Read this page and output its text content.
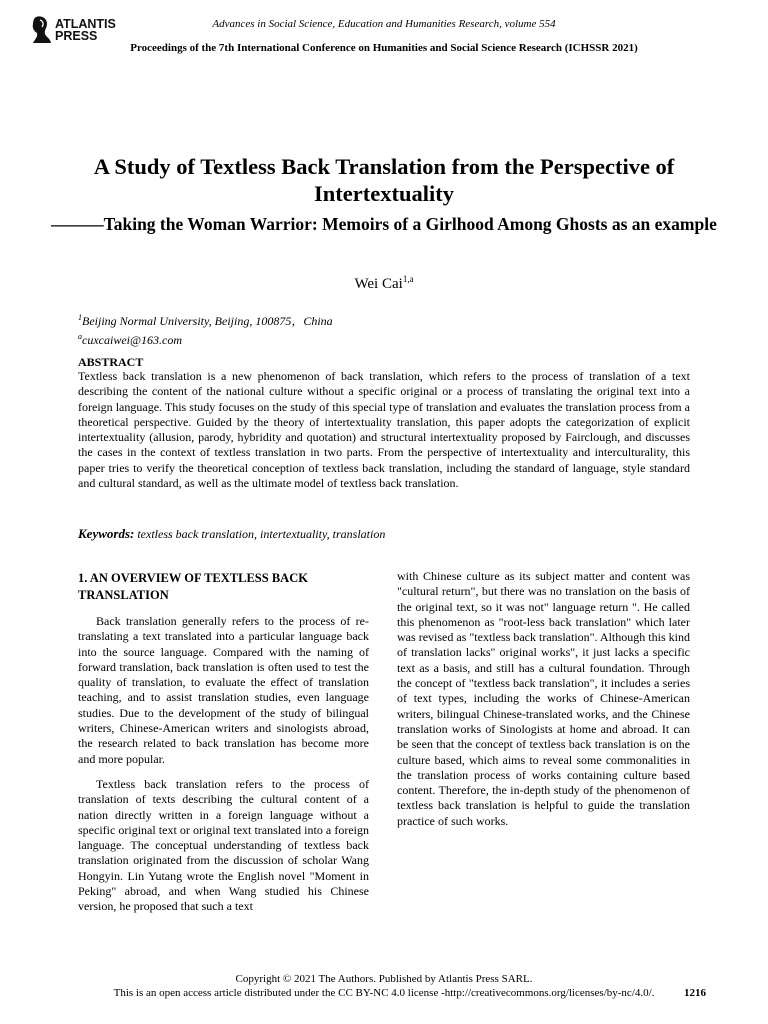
ATLANTIS
PRESS
Advances in Social Science, Education and Humanities Research, volume 554
Proceedings of the 7th International Conference on Humanities and Social Science Research (ICHSSR 2021)
A Study of Textless Back Translation from the Perspective of Intertextuality
———Taking the Woman Warrior: Memoirs of a Girlhood Among Ghosts as an example
Wei Cai$^{1,a}$
$^1$Beijing Normal University, Beijing, 100875，China
$^a$cuxcaiwei@163.com
ABSTRACT
Textless back translation is a new phenomenon of back translation, which refers to the process of translation of a text describing the content of the national culture without a specific original or a process of translating the original text into a foreign language. This study focuses on the study of this special type of translation and evaluates the translation process from a theoretical perspective. Guided by the theory of intertextuality translation, this paper adopts the categorization of explicit intertextuality (allusion, parody, hybridity and quotation) and structural intertextuality proposed by Fairclough, and discusses the cases in the context of textless translation in two parts. From the perspective of intertextuality and interculturality, this paper tries to verify the theoretical conception of textless back translation, including the standard of language, style standard and cultural standard, as well as the ultimate model of textless back translation.
Keywords: textless back translation, intertextuality, translation
1. AN OVERVIEW OF TEXTLESS BACK TRANSLATION

Back translation generally refers to the process of re-translating a text translated into a particular language back into the source language. Compared with the naming of forward translation, back translation is often used to test the quality of translation, to evaluate the effect of translation teaching, and to assist translation studies, even language studies. Due to the development of the study of bilingual writers, Chinese-American writers and sinologists abroad, the research related to back translation has become more and more popular.

Textless back translation refers to the process of translation of texts describing the cultural content of a nation directly written in a foreign language without a specific original text or original text translated into a foreign language. The conceptual understanding of textless back translation originated from the discussion of scholar Wang Hongyin. Lin Yutang wrote the English novel "Moment in Peking" abroad, and when Wang studied his Chinese version, he proposed that such a text

with Chinese culture as its subject matter and content was "cultural return", but there was no translation on the basis of the original text, so it was not" language return ". He called this phenomenon as "root-less back translation" which later was revised as "textless back translation". Although this kind of translation lacks" original works", it just lacks a specific text as a basis, and still has a cultural foundation. Through the concept of "textless back translation", it includes a series of text types, including the works of Chinese-American writers, bilingual Chinese-translated works, and the Chinese translation works of Sinologists at home and abroad. It can be seen that the concept of textless back translation is on the culture based, which aims to reveal some commonalities in the translation process of works containing culture based content. Therefore, the in-depth study of the phenomenon of textless back translation is helpful to guide the translation practice of such works.

Copyright © 2021 The Authors. Published by Atlantis Press SARL.
This is an open access article distributed under the CC BY-NC 4.0 license -http://creativecommons.org/licenses/by-nc/4.0/.	1216
